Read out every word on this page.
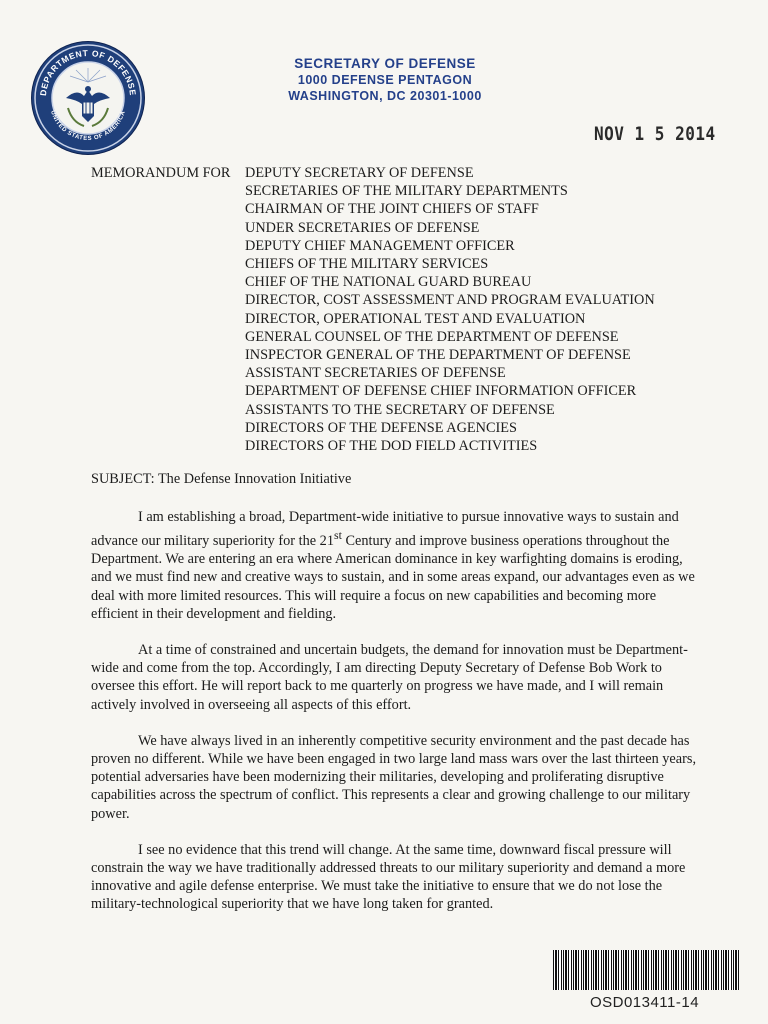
DEPARTMENT OF DEFENSE
UNITED STATES OF AMERICA
SECRETARY OF DEFENSE
1000 DEFENSE PENTAGON
WASHINGTON, DC 20301-1000
NOV 1 5 2014
MEMORANDUM FOR DEPUTY SECRETARY OF DEFENSE
SECRETARIES OF THE MILITARY DEPARTMENTS
CHAIRMAN OF THE JOINT CHIEFS OF STAFF
UNDER SECRETARIES OF DEFENSE
DEPUTY CHIEF MANAGEMENT OFFICER
CHIEFS OF THE MILITARY SERVICES
CHIEF OF THE NATIONAL GUARD BUREAU
DIRECTOR, COST ASSESSMENT AND PROGRAM EVALUATION
DIRECTOR, OPERATIONAL TEST AND EVALUATION
GENERAL COUNSEL OF THE DEPARTMENT OF DEFENSE
INSPECTOR GENERAL OF THE DEPARTMENT OF DEFENSE
ASSISTANT SECRETARIES OF DEFENSE
DEPARTMENT OF DEFENSE CHIEF INFORMATION OFFICER
ASSISTANTS TO THE SECRETARY OF DEFENSE
DIRECTORS OF THE DEFENSE AGENCIES
DIRECTORS OF THE DOD FIELD ACTIVITIES
SUBJECT: The Defense Innovation Initiative

I am establishing a broad, Department-wide initiative to pursue innovative ways to sustain and advance our military superiority for the 21st Century and improve business operations throughout the Department. We are entering an era where American dominance in key warfighting domains is eroding, and we must find new and creative ways to sustain, and in some areas expand, our advantages even as we deal with more limited resources. This will require a focus on new capabilities and becoming more efficient in their development and fielding.

At a time of constrained and uncertain budgets, the demand for innovation must be Department-wide and come from the top. Accordingly, I am directing Deputy Secretary of Defense Bob Work to oversee this effort. He will report back to me quarterly on progress we have made, and I will remain actively involved in overseeing all aspects of this effort.

We have always lived in an inherently competitive security environment and the past decade has proven no different. While we have been engaged in two large land mass wars over the last thirteen years, potential adversaries have been modernizing their militaries, developing and proliferating disruptive capabilities across the spectrum of conflict. This represents a clear and growing challenge to our military power.

I see no evidence that this trend will change. At the same time, downward fiscal pressure will constrain the way we have traditionally addressed threats to our military superiority and demand a more innovative and agile defense enterprise. We must take the initiative to ensure that we do not lose the military-technological superiority that we have long taken for granted.

OSD013411-14
